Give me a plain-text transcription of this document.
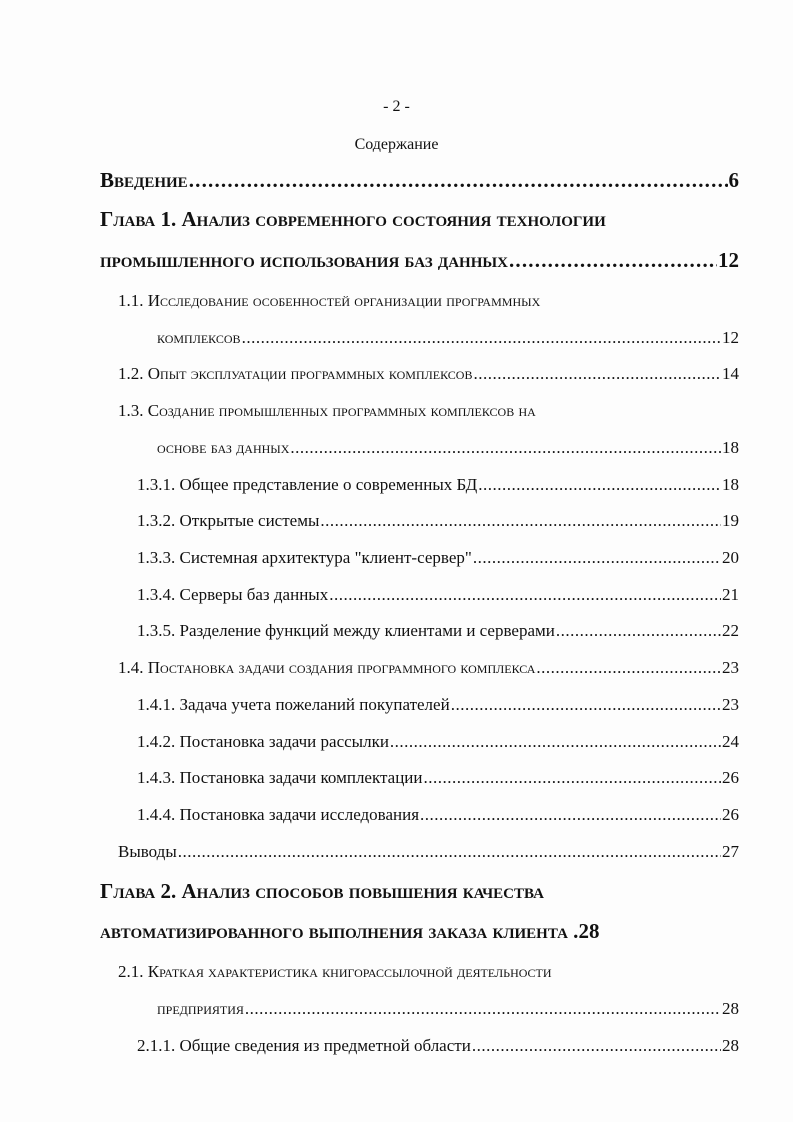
- 2 -
Содержание
Введение .....	6
Глава 1. Анализ современного состояния технологии
промышленного использования баз данных .....	12
1.1. Исследование особенностей организации программных
комплексов .....	12
1.2. Опыт эксплуатации программных комплексов .....	14
1.3. Создание промышленных программных комплексов на
основе баз данных .....	18
1.3.1. Общее представление о современных БД .....	18
1.3.2. Открытые системы .....	19
1.3.3. Системная архитектура "клиент-сервер" .....	20
1.3.4. Серверы баз данных .....	21
1.3.5. Разделение функций между клиентами и серверами .....	22
1.4. Постановка задачи создания программного комплекса .....	23
1.4.1. Задача учета пожеланий покупателей .....	23
1.4.2. Постановка задачи рассылки .....	24
1.4.3. Постановка задачи комплектации .....	26
1.4.4. Постановка задачи исследования .....	26
Выводы .....	27
Глава 2. Анализ способов повышения качества
автоматизированного выполнения заказа клиента . 28
2.1. Краткая характеристика книгорассылочной деятельности
предприятия .....	28
2.1.1. Общие сведения из предметной области .....	28
